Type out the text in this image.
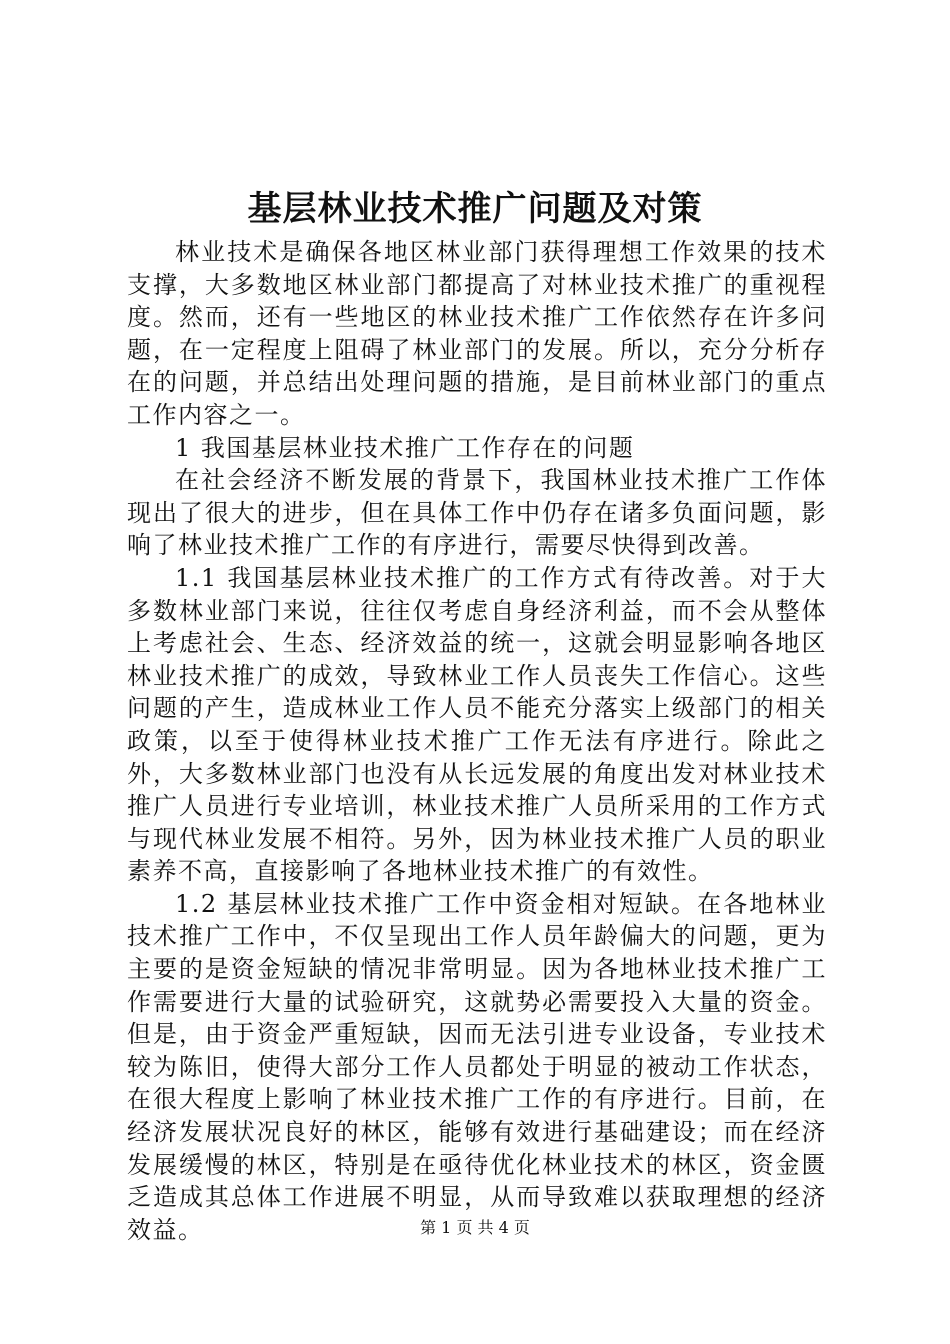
基层林业技术推广问题及对策

林业技术是确保各地区林业部门获得理想工作效果的技术支撑，大多数地区林业部门都提高了对林业技术推广的重视程度。然而，还有一些地区的林业技术推广工作依然存在许多问题，在一定程度上阻碍了林业部门的发展。所以，充分分析存在的问题，并总结出处理问题的措施，是目前林业部门的重点工作内容之一。

1 我国基层林业技术推广工作存在的问题

在社会经济不断发展的背景下，我国林业技术推广工作体现出了很大的进步，但在具体工作中仍存在诸多负面问题，影响了林业技术推广工作的有序进行，需要尽快得到改善。

1.1 我国基层林业技术推广的工作方式有待改善。对于大多数林业部门来说，往往仅考虑自身经济利益，而不会从整体上考虑社会、生态、经济效益的统一，这就会明显影响各地区林业技术推广的成效，导致林业工作人员丧失工作信心。这些问题的产生，造成林业工作人员不能充分落实上级部门的相关政策，以至于使得林业技术推广工作无法有序进行。除此之外，大多数林业部门也没有从长远发展的角度出发对林业技术推广人员进行专业培训，林业技术推广人员所采用的工作方式与现代林业发展不相符。另外，因为林业技术推广人员的职业素养不高，直接影响了各地林业技术推广的有效性。

1.2 基层林业技术推广工作中资金相对短缺。在各地林业技术推广工作中，不仅呈现出工作人员年龄偏大的问题，更为主要的是资金短缺的情况非常明显。因为各地林业技术推广工作需要进行大量的试验研究，这就势必需要投入大量的资金。但是，由于资金严重短缺，因而无法引进专业设备，专业技术较为陈旧，使得大部分工作人员都处于明显的被动工作状态，在很大程度上影响了林业技术推广工作的有序进行。目前，在经济发展状况良好的林区，能够有效进行基础建设；而在经济发展缓慢的林区，特别是在亟待优化林业技术的林区，资金匮乏造成其总体工作进展不明显，从而导致难以获取理想的经济效益。	第 1 页 共 4 页
